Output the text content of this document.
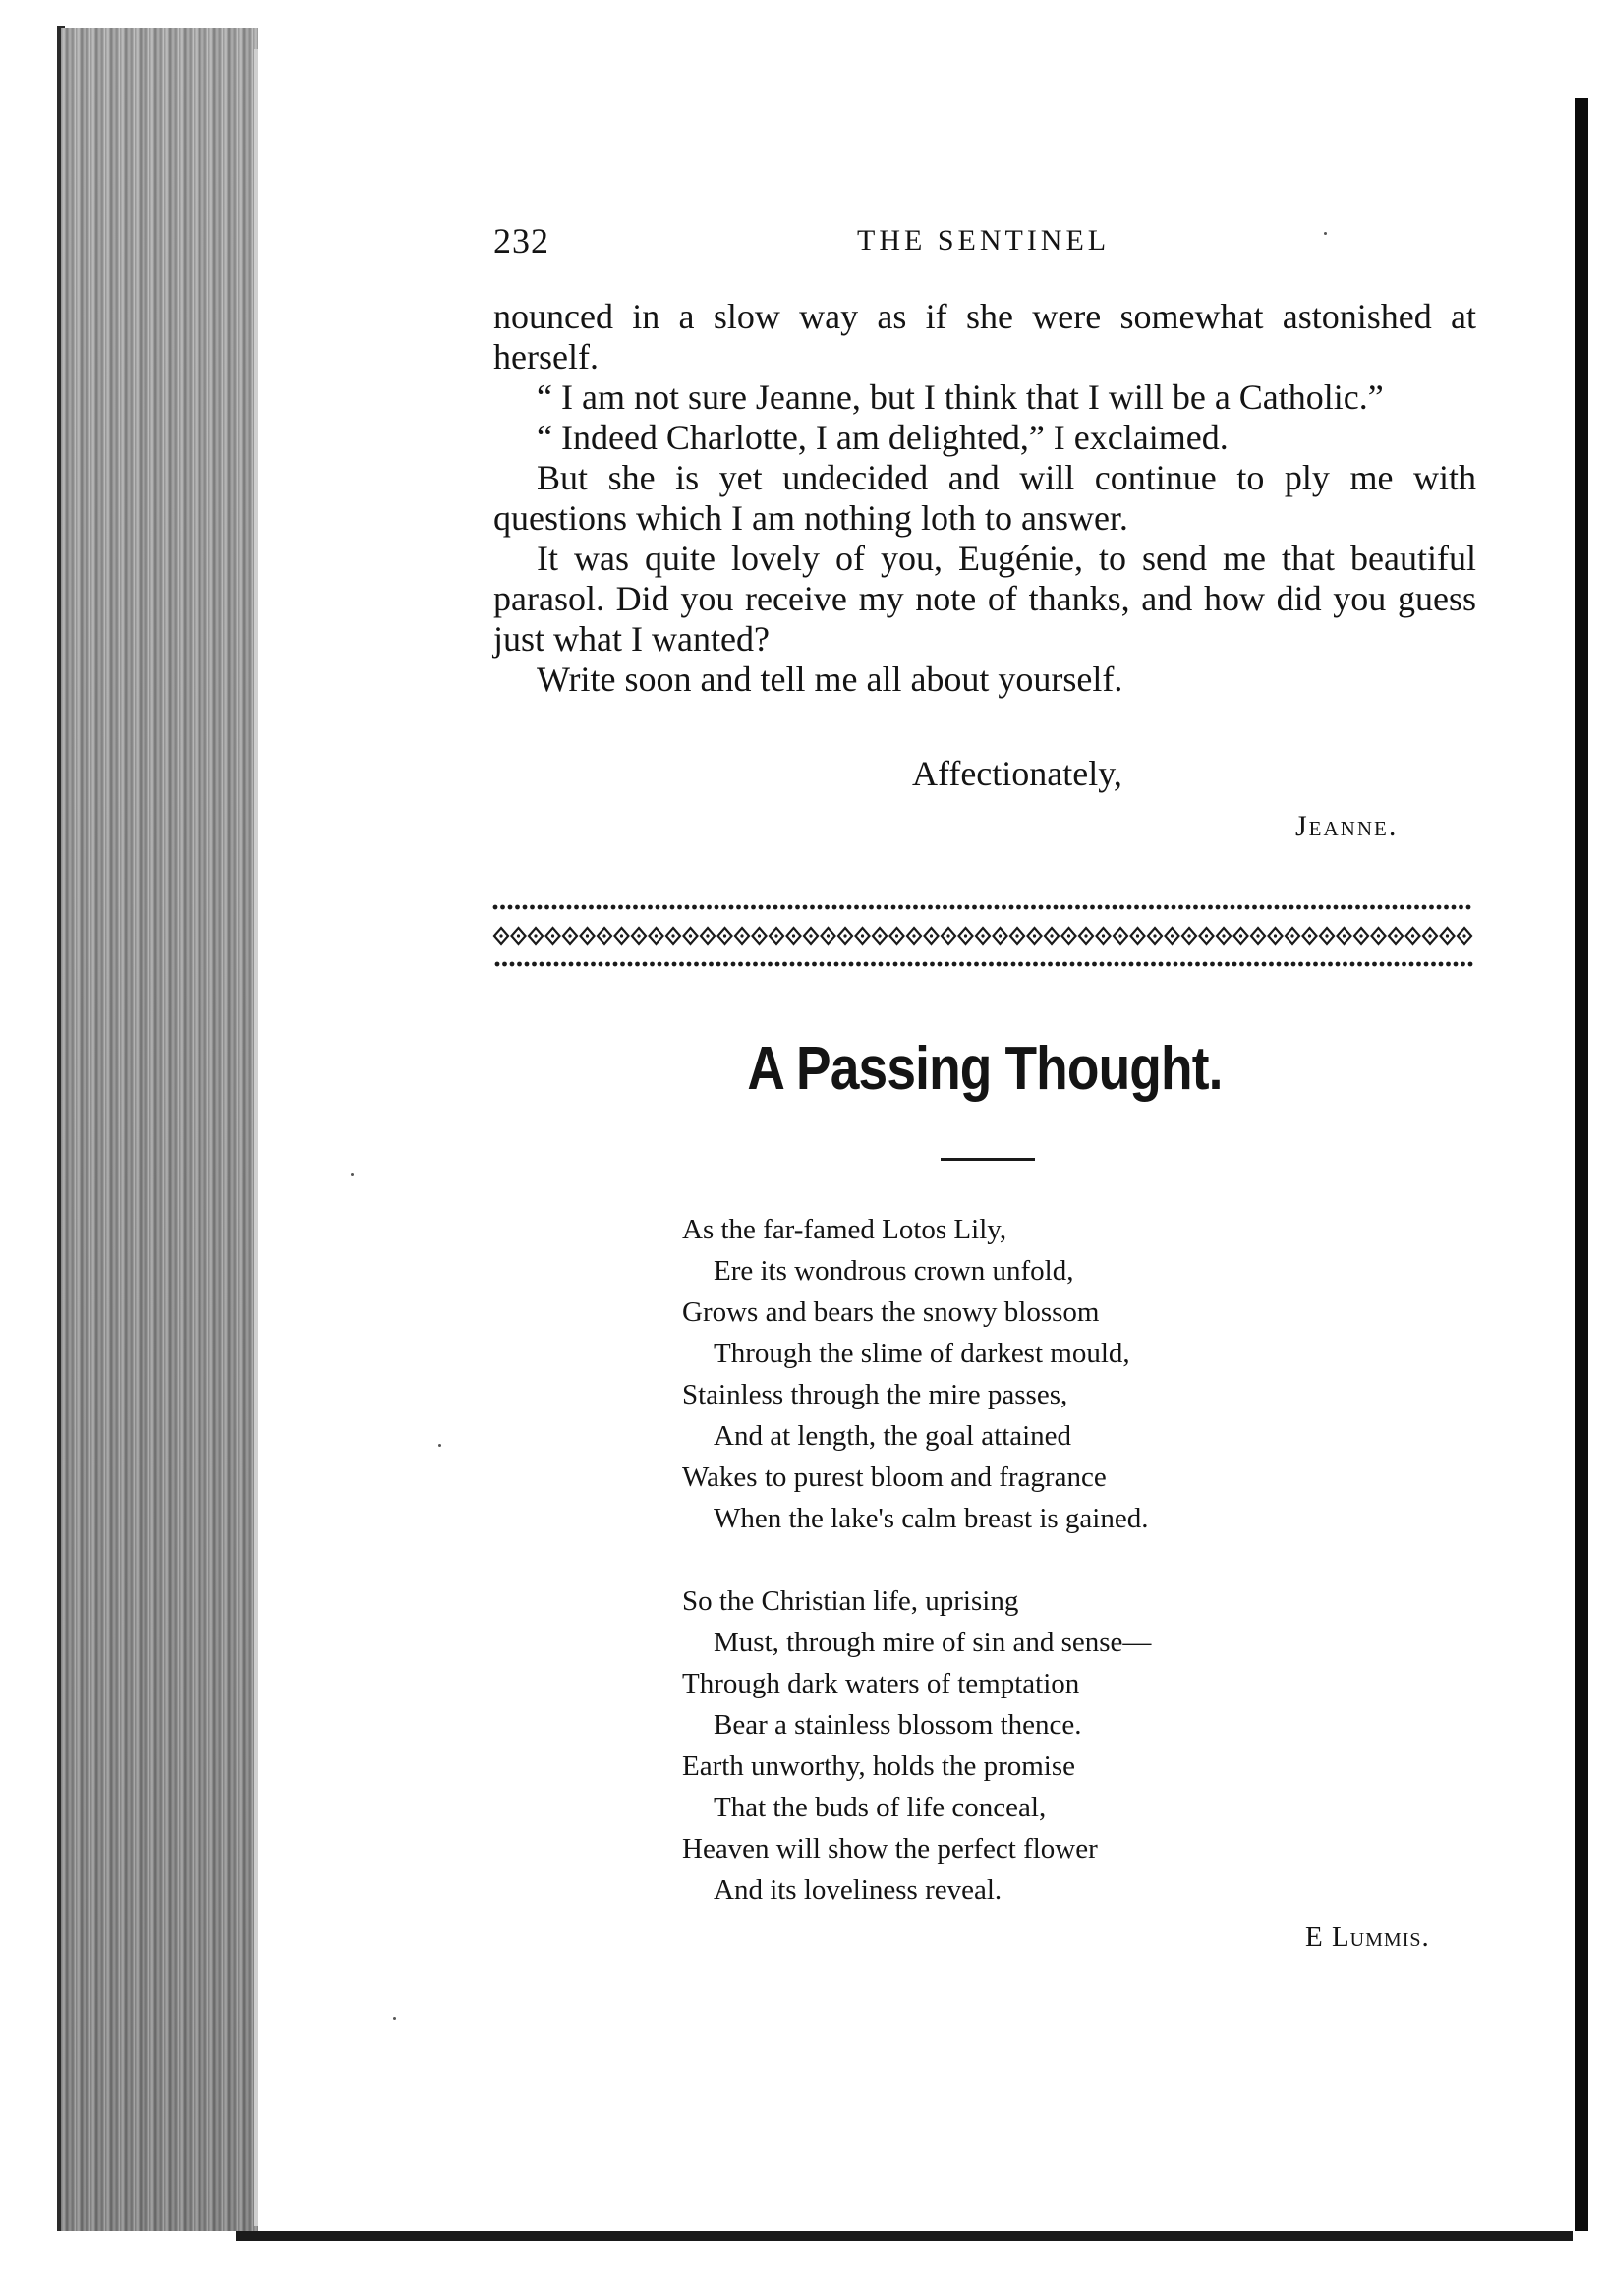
232	THE SENTINEL

nounced in a slow way as if she were somewhat astonished at herself.

“ I am not sure Jeanne, but I think that I will be a Catholic.”

“ Indeed Charlotte, I am delighted,” I exclaimed.

But she is yet undecided and will continue to ply me with questions which I am nothing loth to answer.

It was quite lovely of you, Eugénie, to send me that beautiful parasol. Did you receive my note of thanks, and how did you guess just what I wanted?

Write soon and tell me all about yourself.

Affectionately,
Jeanne.
A Passing Thought.
As the far-famed Lotos Lily,
Ere its wondrous crown unfold,
Grows and bears the snowy blossom
Through the slime of darkest mould,
Stainless through the mire passes,
And at length, the goal attained
Wakes to purest bloom and fragrance
When the lake's calm breast is gained.
So the Christian life, uprising
Must, through mire of sin and sense—
Through dark waters of temptation
Bear a stainless blossom thence.
Earth unworthy, holds the promise
That the buds of life conceal,
Heaven will show the perfect flower
And its loveliness reveal.
E Lummis.
